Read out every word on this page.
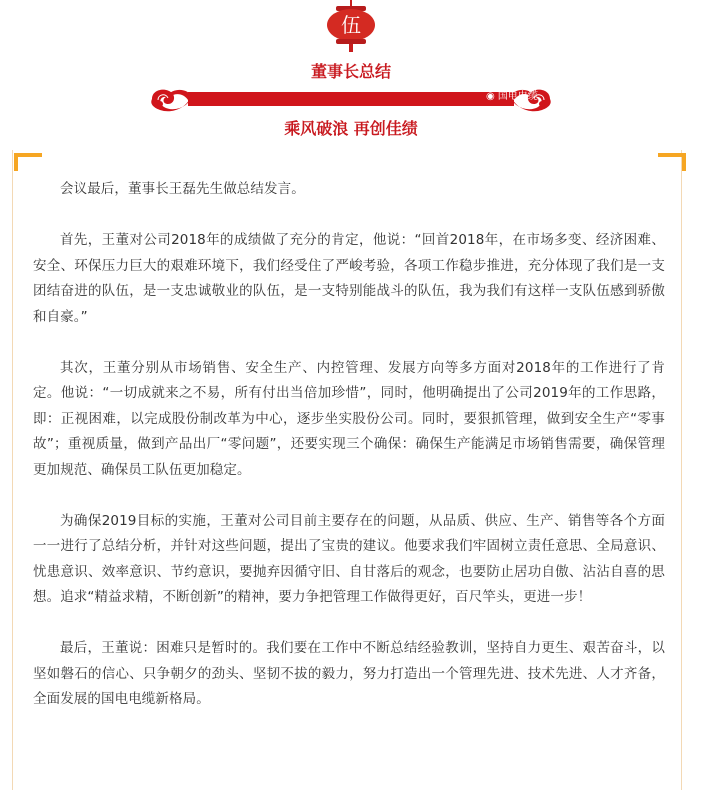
伍
董事长总结
◉ 国电电缆
乘风破浪 再创佳绩

会议最后，董事长王磊先生做总结发言。

首先，王董对公司2018年的成绩做了充分的肯定，他说：“回首2018年，在市场多变、经济困难、安全、环保压力巨大的艰难环境下，我们经受住了严峻考验，各项工作稳步推进，充分体现了我们是一支团结奋进的队伍，是一支忠诚敬业的队伍，是一支特别能战斗的队伍，我为我们有这样一支队伍感到骄傲和自豪。”

其次，王董分别从市场销售、安全生产、内控管理、发展方向等多方面对2018年的工作进行了肯定。他说：“一切成就来之不易，所有付出当倍加珍惜”，同时，他明确提出了公司2019年的工作思路，即：正视困难，以完成股份制改革为中心，逐步坐实股份公司。同时，要狠抓管理，做到安全生产“零事故”；重视质量，做到产品出厂“零问题”，还要实现三个确保：确保生产能满足市场销售需要，确保管理更加规范、确保员工队伍更加稳定。

为确保2019目标的实施，王董对公司目前主要存在的问题，从品质、供应、生产、销售等各个方面一一进行了总结分析，并针对这些问题，提出了宝贵的建议。他要求我们牢固树立责任意思、全局意识、忧患意识、效率意识、节约意识，要抛弃因循守旧、自甘落后的观念，也要防止居功自傲、沾沾自喜的思想。追求“精益求精，不断创新”的精神，要力争把管理工作做得更好，百尺竿头，更进一步！

最后，王董说：困难只是暂时的。我们要在工作中不断总结经验教训，坚持自力更生、艰苦奋斗，以坚如磐石的信心、只争朝夕的劲头、坚韧不拔的毅力，努力打造出一个管理先进、技术先进、人才齐备，全面发展的国电电缆新格局。
